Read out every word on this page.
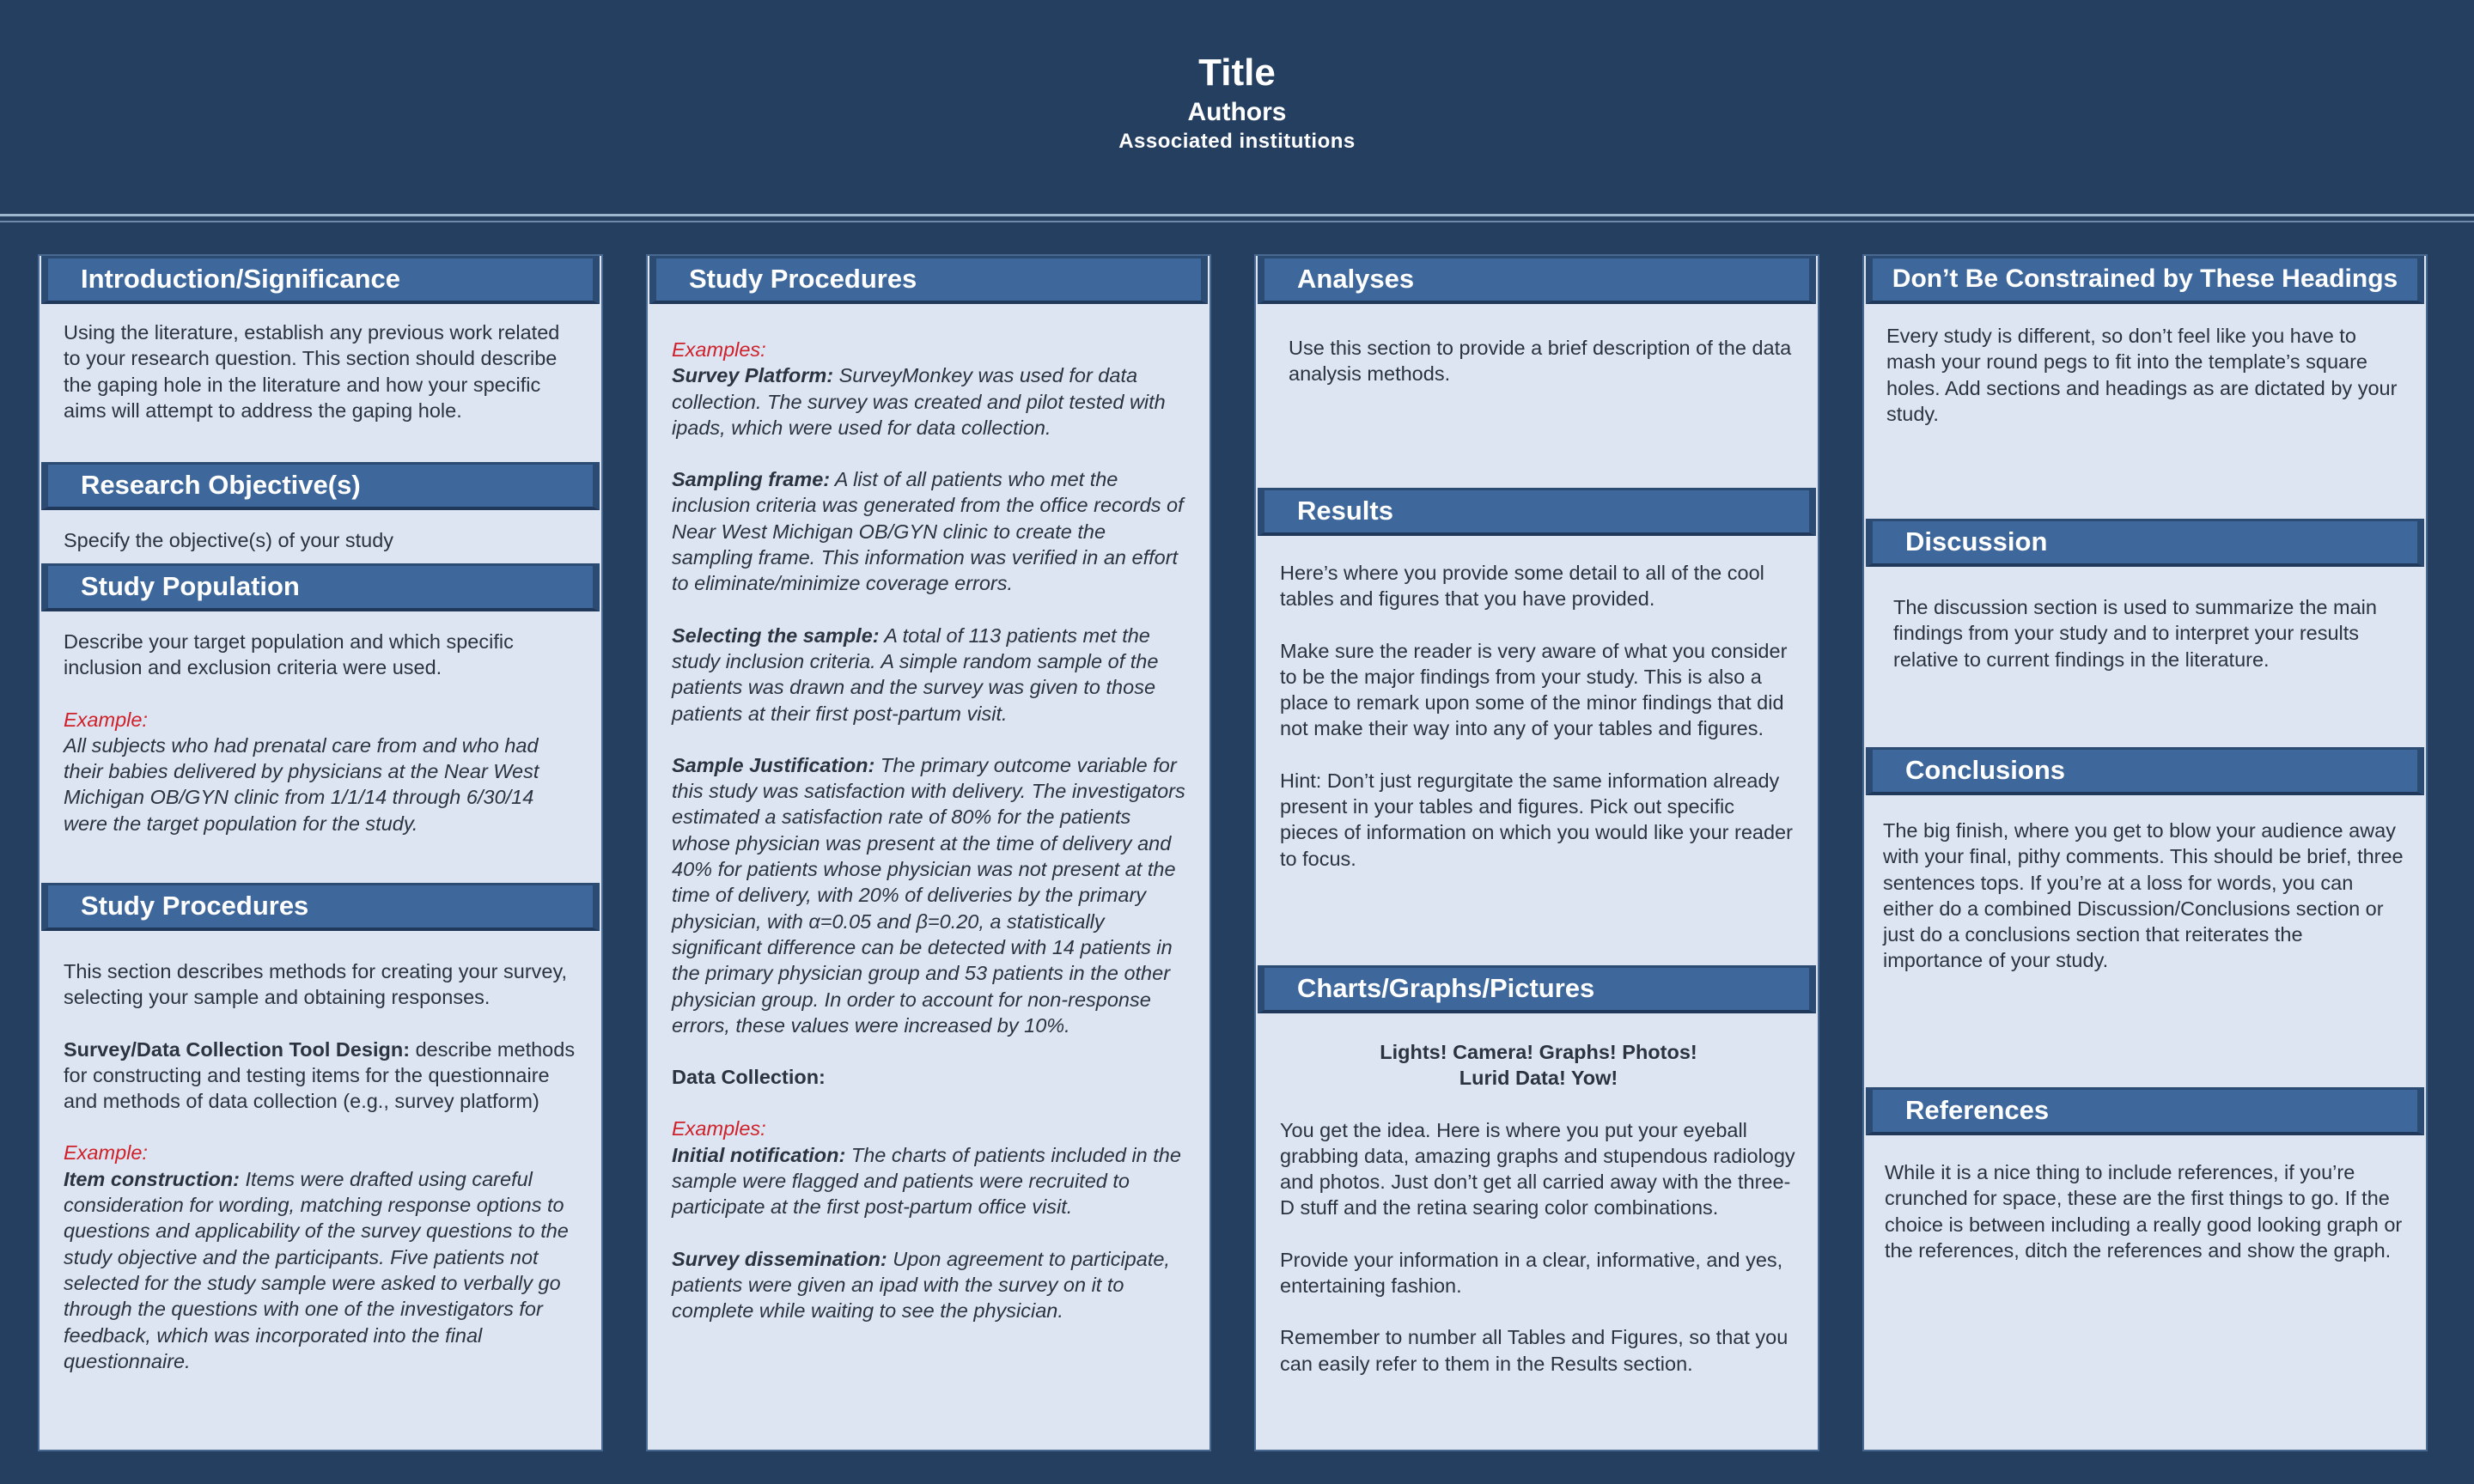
Title
Authors
Associated institutions
Introduction/Significance

Using the literature, establish any previous work related to your research question. This section should describe the gaping hole in the literature and how your specific aims will attempt to address the gaping hole.

Research Objective(s)

Specify the objective(s) of your study

Study Population

Describe your target population and which specific inclusion and exclusion criteria were used.

Example:

All subjects who had prenatal care from and who had their babies delivered by physicians at the Near West Michigan OB/GYN clinic from 1/1/14 through 6/30/14 were the target population for the study.

Study Procedures

This section describes methods for creating your survey, selecting your sample and obtaining responses.

Survey/Data Collection Tool Design: describe methods for constructing and testing items for the questionnaire and methods of data collection (e.g., survey platform)

Example:

Item construction: Items were drafted using careful consideration for wording, matching response options to questions and applicability of the survey questions to the study objective and the participants. Five patients not selected for the study sample were asked to verbally go through the questions with one of the investigators for feedback, which was incorporated into the final questionnaire.

Study Procedures

Examples:

Survey Platform: SurveyMonkey was used for data collection. The survey was created and pilot tested with ipads, which were used for data collection.

Sampling frame: A list of all patients who met the inclusion criteria was generated from the office records of Near West Michigan OB/GYN clinic to create the sampling frame. This information was verified in an effort to eliminate/minimize coverage errors.

Selecting the sample: A total of 113 patients met the study inclusion criteria. A simple random sample of the patients was drawn and the survey was given to those patients at their first post-partum visit.

Sample Justification: The primary outcome variable for this study was satisfaction with delivery. The investigators estimated a satisfaction rate of 80% for the patients whose physician was present at the time of delivery and 40% for patients whose physician was not present at the time of delivery, with 20% of deliveries by the primary physician, with α=0.05 and β=0.20, a statistically significant difference can be detected with 14 patients in the primary physician group and 53 patients in the other physician group. In order to account for non-response errors, these values were increased by 10%.

Data Collection:

Examples:

Initial notification: The charts of patients included in the sample were flagged and patients were recruited to participate at the first post-partum office visit.

Survey dissemination: Upon agreement to participate, patients were given an ipad with the survey on it to complete while waiting to see the physician.

Analyses

Use this section to provide a brief description of the data analysis methods.

Results

Here’s where you provide some detail to all of the cool tables and figures that you have provided.

Make sure the reader is very aware of what you consider to be the major findings from your study. This is also a place to remark upon some of the minor findings that did not make their way into any of your tables and figures.

Hint: Don’t just regurgitate the same information already present in your tables and figures. Pick out specific pieces of information on which you would like your reader to focus.

Charts/Graphs/Pictures

Lights! Camera! Graphs! Photos!

Lurid Data! Yow!

You get the idea. Here is where you put your eyeball grabbing data, amazing graphs and stupendous radiology and photos. Just don’t get all carried away with the three-D stuff and the retina searing color combinations.

Provide your information in a clear, informative, and yes, entertaining fashion.

Remember to number all Tables and Figures, so that you can easily refer to them in the Results section.

Don’t Be Constrained by These Headings

Every study is different, so don’t feel like you have to mash your round pegs to fit into the template’s square holes. Add sections and headings as are dictated by your study.

Discussion

The discussion section is used to summarize the main findings from your study and to interpret your results relative to current findings in the literature.

Conclusions

The big finish, where you get to blow your audience away with your final, pithy comments. This should be brief, three sentences tops. If you’re at a loss for words, you can either do a combined Discussion/Conclusions section or just do a conclusions section that reiterates the importance of your study.

References

While it is a nice thing to include references, if you’re crunched for space, these are the first things to go. If the choice is between including a really good looking graph or the references, ditch the references and show the graph.
